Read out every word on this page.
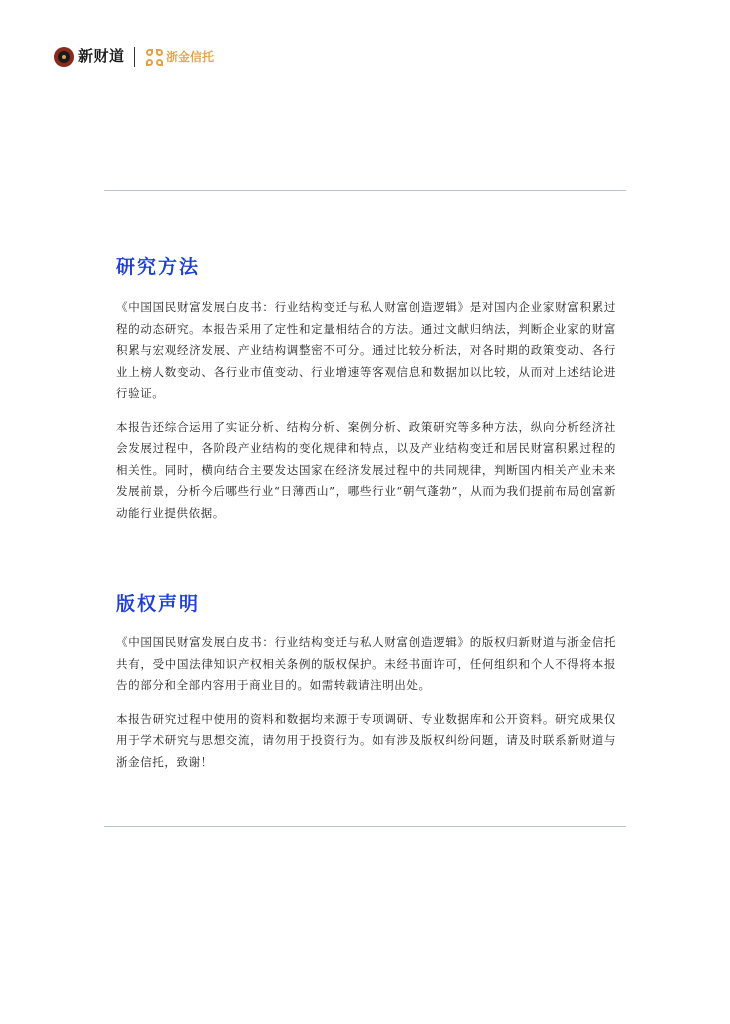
新财道	浙金信托
研究方法

《中国国民财富发展白皮书：行业结构变迁与私人财富创造逻辑》是对国内企业家财富积累过程的动态研究。本报告采用了定性和定量相结合的方法。通过文献归纳法，判断企业家的财富积累与宏观经济发展、产业结构调整密不可分。通过比较分析法，对各时期的政策变动、各行业上榜人数变动、各行业市值变动、行业增速等客观信息和数据加以比较，从而对上述结论进行验证。

本报告还综合运用了实证分析、结构分析、案例分析、政策研究等多种方法，纵向分析经济社会发展过程中，各阶段产业结构的变化规律和特点，以及产业结构变迁和居民财富积累过程的相关性。同时，横向结合主要发达国家在经济发展过程中的共同规律，判断国内相关产业未来发展前景，分析今后哪些行业“日薄西山”，哪些行业“朝气蓬勃”，从而为我们提前布局创富新动能行业提供依据。

版权声明

《中国国民财富发展白皮书：行业结构变迁与私人财富创造逻辑》的版权归新财道与浙金信托共有，受中国法律知识产权相关条例的版权保护。未经书面许可，任何组织和个人不得将本报告的部分和全部内容用于商业目的。如需转载请注明出处。

本报告研究过程中使用的资料和数据均来源于专项调研、专业数据库和公开资料。研究成果仅用于学术研究与思想交流，请勿用于投资行为。如有涉及版权纠纷问题，请及时联系新财道与浙金信托，致谢！
